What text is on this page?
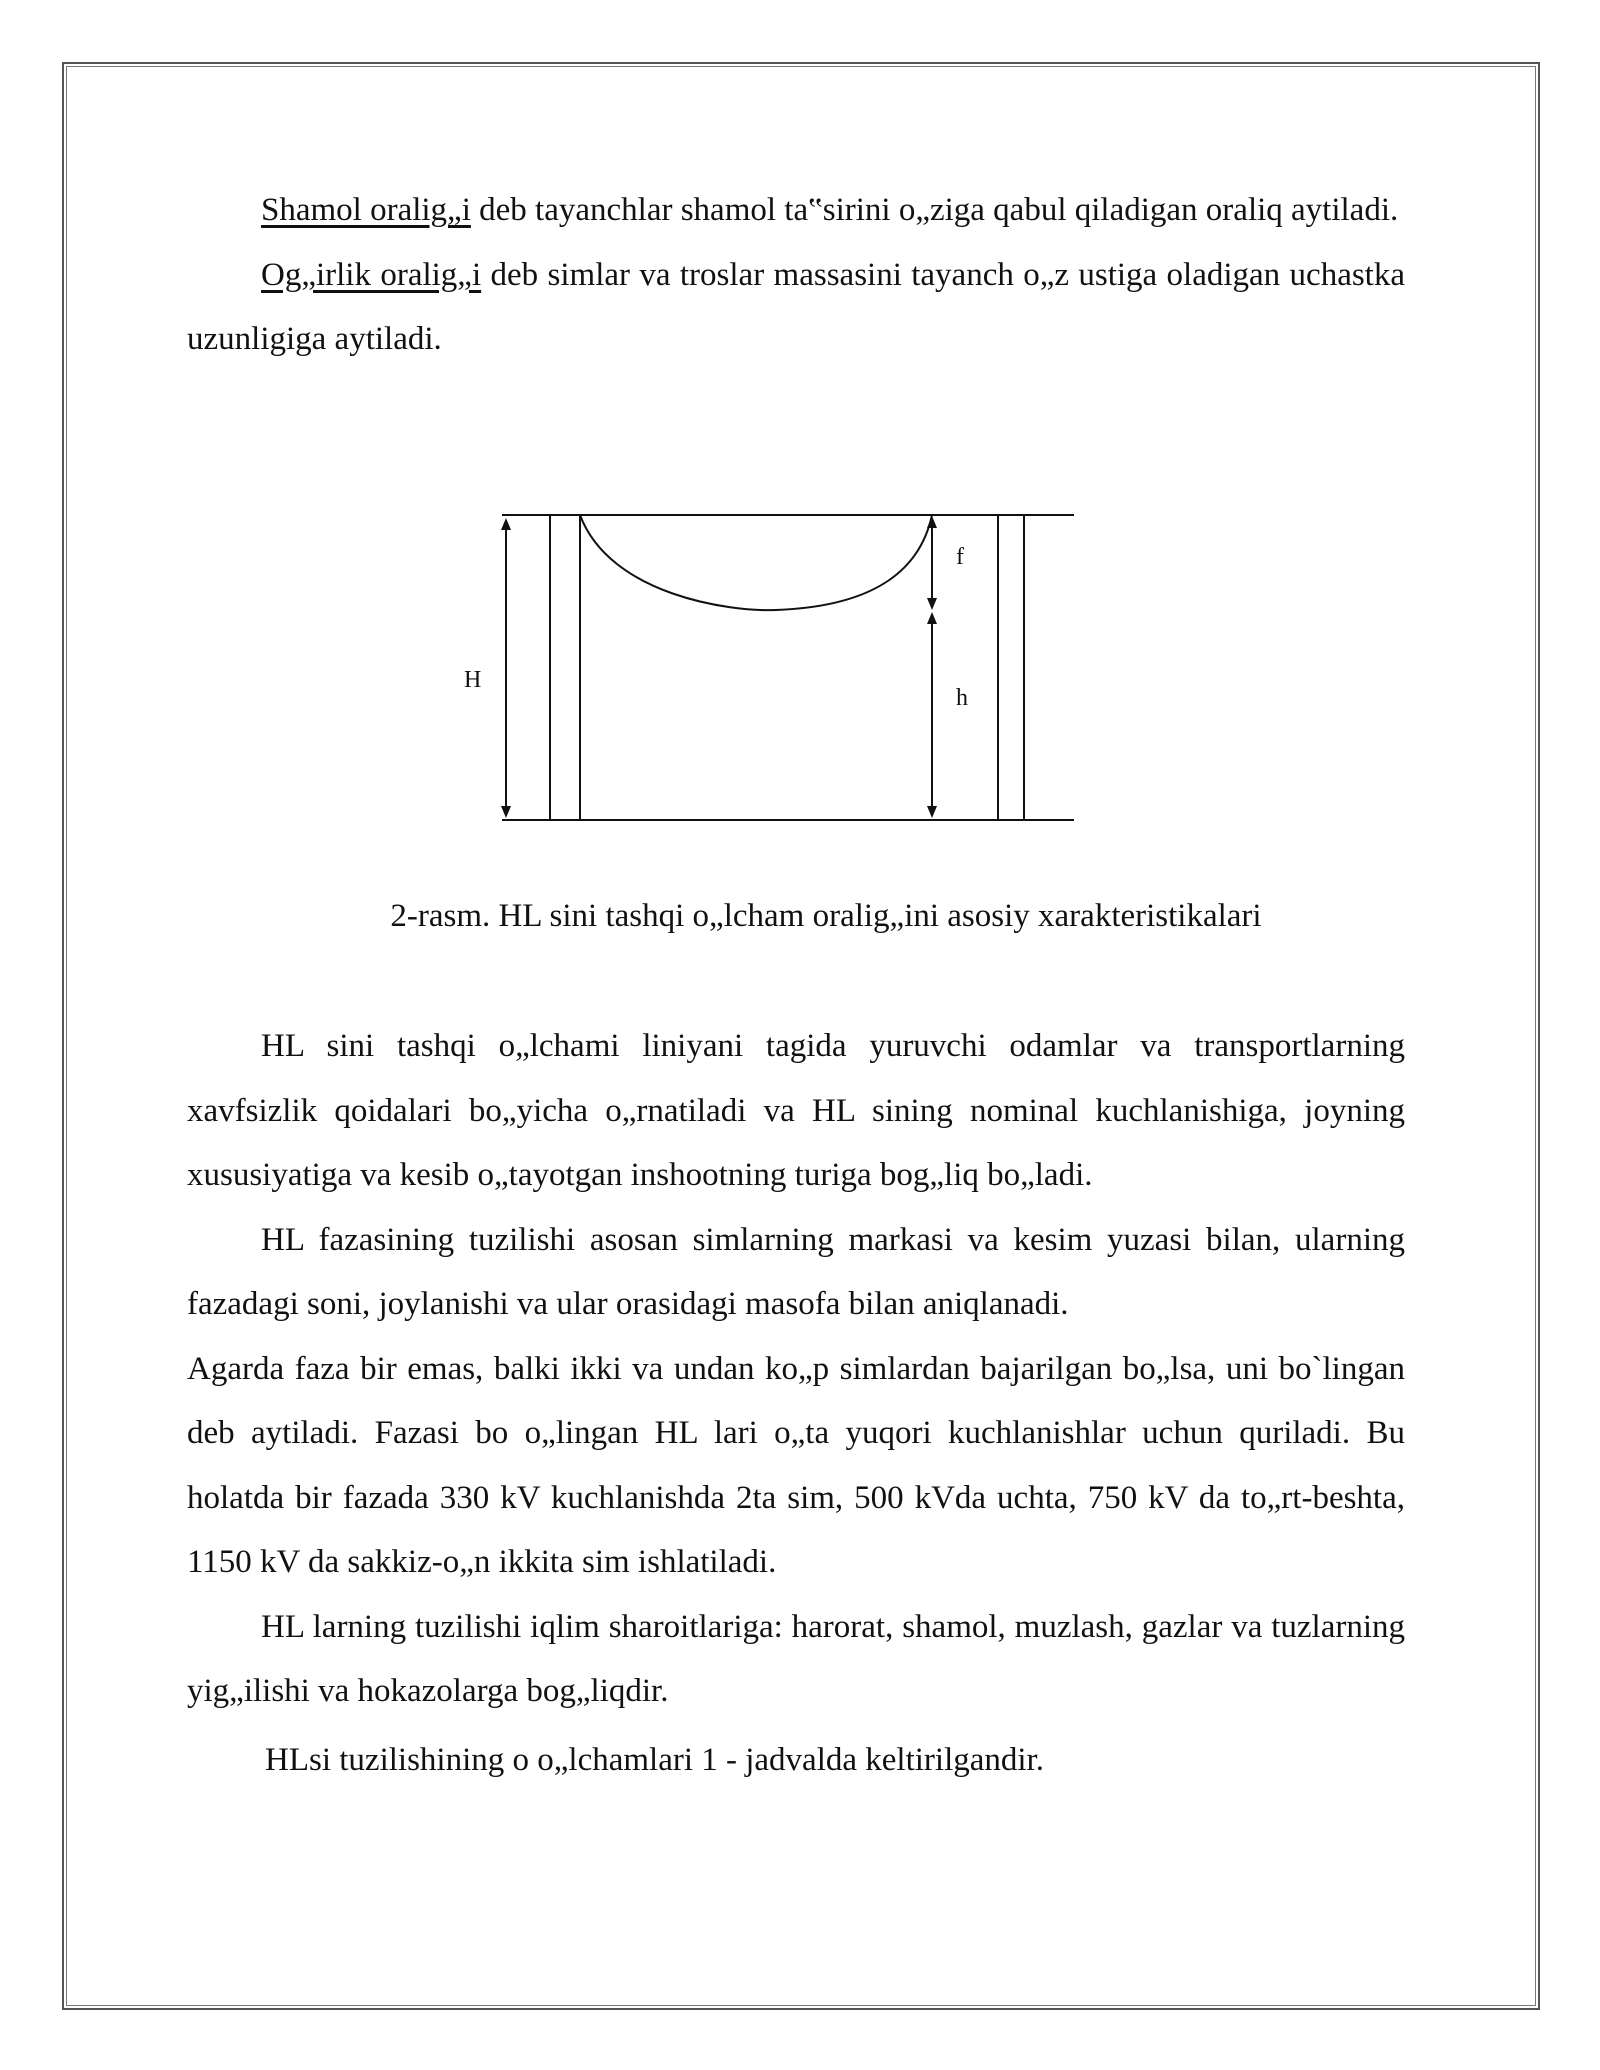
Shamol oralig„i deb tayanchlar shamol ta‟sirini o„ziga qabul qiladigan oraliq aytiladi.

Og„irlik oralig„i deb simlar va troslar massasini tayanch o„z ustiga oladigan uchastka uzunligiga aytiladi.

H
f
h
2-rasm. HL sini tashqi o„lcham oralig„ini asosiy xarakteristikalari

HL sini tashqi o„lchami liniyani tagida yuruvchi odamlar va transportlarning xavfsizlik qoidalari bo„yicha o„rnatiladi va HL sining nominal kuchlanishiga, joyning xususiyatiga va kesib o„tayotgan inshootning turiga bog„liq bo„ladi.

HL fazasining tuzilishi asosan simlarning markasi va kesim yuzasi bilan, ularning fazadagi soni, joylanishi va ular orasidagi masofa bilan aniqlanadi.

Agarda faza bir emas, balki ikki va undan ko„p simlardan bajarilgan bo„lsa, uni bo`lingan deb aytiladi. Fazasi bo o„lingan HL lari o„ta yuqori kuchlanishlar uchun quriladi. Bu holatda bir fazada 330 kV kuchlanishda 2ta sim, 500 kVda uchta, 750 kV da to„rt-beshta, 1150 kV da sakkiz-o„n ikkita sim ishlatiladi.

HL larning tuzilishi iqlim sharoitlariga: harorat, shamol, muzlash, gazlar va tuzlarning yig„ilishi va hokazolarga bog„liqdir.

HLsi tuzilishining o o„lchamlari 1 - jadvalda keltirilgandir.
